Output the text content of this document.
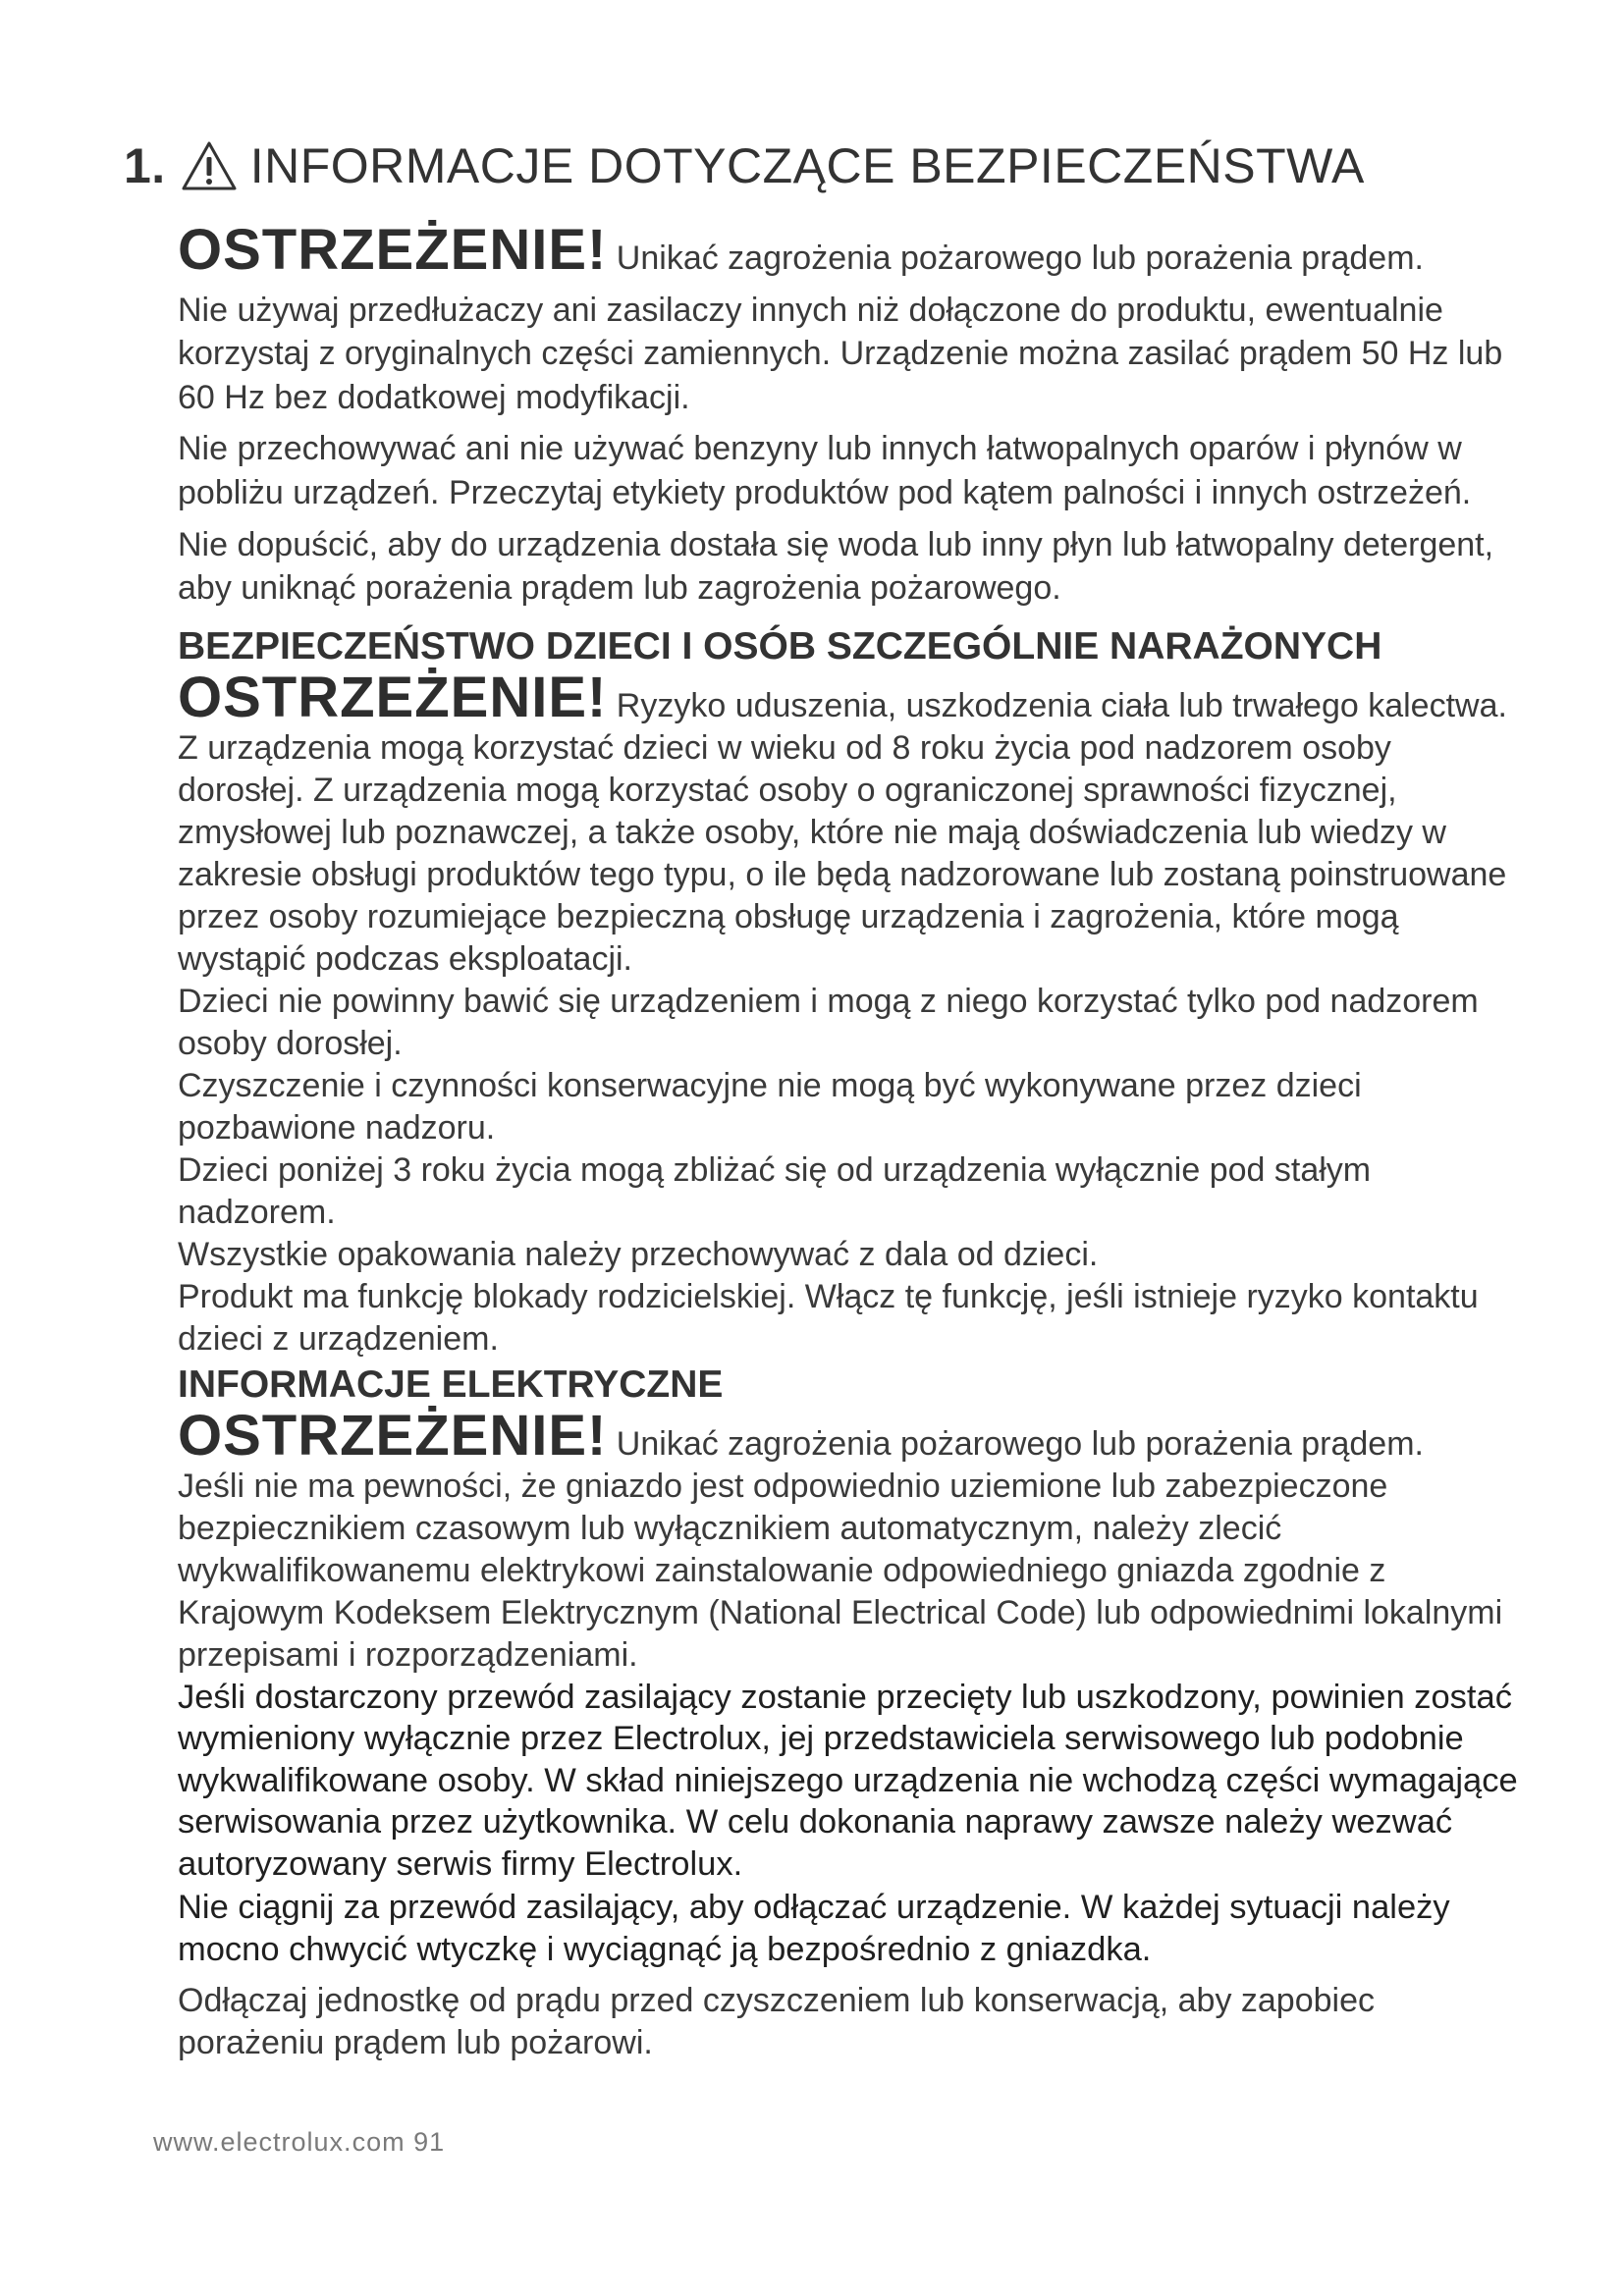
1. INFORMACJE DOTYCZĄCE BEZPIECZEŃSTWA

OSTRZEŻENIE! Unikać zagrożenia pożarowego lub porażenia prądem.

Nie używaj przedłużaczy ani zasilaczy innych niż dołączone do produktu, ewentualnie korzystaj z oryginalnych części zamiennych. Urządzenie można zasilać prądem 50 Hz lub 60 Hz bez dodatkowej modyfikacji.

Nie przechowywać ani nie używać benzyny lub innych łatwopalnych oparów i płynów w pobliżu urządzeń. Przeczytaj etykiety produktów pod kątem palności i innych ostrzeżeń.

Nie dopuścić, aby do urządzenia dostała się woda lub inny płyn lub łatwopalny detergent, aby uniknąć porażenia prądem lub zagrożenia pożarowego.

BEZPIECZEŃSTWO DZIECI I OSÓB SZCZEGÓLNIE NARAŻONYCH

OSTRZEŻENIE! Ryzyko uduszenia, uszkodzenia ciała lub trwałego kalectwa.

Z urządzenia mogą korzystać dzieci w wieku od 8 roku życia pod nadzorem osoby dorosłej. Z urządzenia mogą korzystać osoby o ograniczonej sprawności fizycznej, zmysłowej lub poznawczej, a także osoby, które nie mają doświadczenia lub wiedzy w zakresie obsługi produktów tego typu, o ile będą nadzorowane lub zostaną poinstruowane przez osoby rozumiejące bezpieczną obsługę urządzenia i zagrożenia, które mogą wystąpić podczas eksploatacji.

Dzieci nie powinny bawić się urządzeniem i mogą z niego korzystać tylko pod nadzorem osoby dorosłej.

Czyszczenie i czynności konserwacyjne nie mogą być wykonywane przez dzieci pozbawione nadzoru.

Dzieci poniżej 3 roku życia mogą zbliżać się od urządzenia wyłącznie pod stałym nadzorem.

Wszystkie opakowania należy przechowywać z dala od dzieci.

Produkt ma funkcję blokady rodzicielskiej. Włącz tę funkcję, jeśli istnieje ryzyko kontaktu dzieci z urządzeniem.

INFORMACJE ELEKTRYCZNE

OSTRZEŻENIE! Unikać zagrożenia pożarowego lub porażenia prądem.

Jeśli nie ma pewności, że gniazdo jest odpowiednio uziemione lub zabezpieczone bezpiecznikiem czasowym lub wyłącznikiem automatycznym, należy zlecić wykwalifikowanemu elektrykowi zainstalowanie odpowiedniego gniazda zgodnie z Krajowym Kodeksem Elektrycznym (National Electrical Code) lub odpowiednimi lokalnymi przepisami i rozporządzeniami.

Jeśli dostarczony przewód zasilający zostanie przecięty lub uszkodzony, powinien zostać wymieniony wyłącznie przez Electrolux, jej przedstawiciela serwisowego lub podobnie wykwalifikowane osoby. W skład niniejszego urządzenia nie wchodzą części wymagające serwisowania przez użytkownika. W celu dokonania naprawy zawsze należy wezwać autoryzowany serwis firmy Electrolux.

Nie ciągnij za przewód zasilający, aby odłączać urządzenie. W każdej sytuacji należy mocno chwycić wtyczkę i wyciągnąć ją bezpośrednio z gniazdka.

Odłączaj jednostkę od prądu przed czyszczeniem lub konserwacją, aby zapobiec porażeniu prądem lub pożarowi.

www.electrolux.com 91
